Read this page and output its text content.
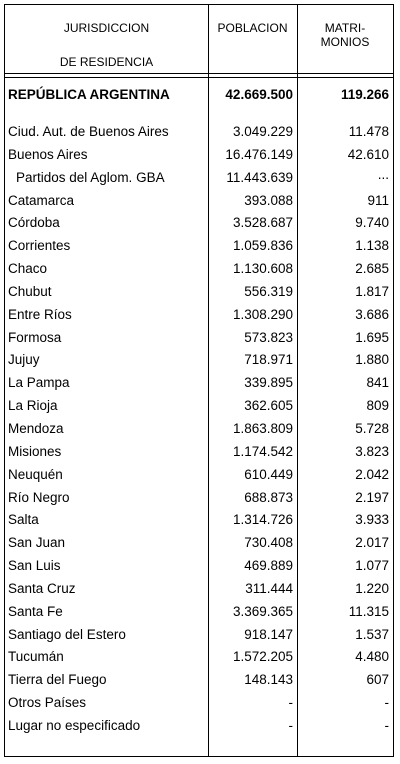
JURISDICCION
DE RESIDENCIA
POBLACION	MATRI-
MONIOS
REPÚBLICA ARGENTINA	42.669.500	119.266
Ciud. Aut. de Buenos Aires	3.049.229	11.478
Buenos Aires	16.476.149	42.610
Partidos del Aglom. GBA	11.443.639	...
Catamarca	393.088	911
Córdoba	3.528.687	9.740
Corrientes	1.059.836	1.138
Chaco	1.130.608	2.685
Chubut	556.319	1.817
Entre Ríos	1.308.290	3.686
Formosa	573.823	1.695
Jujuy	718.971	1.880
La Pampa	339.895	841
La Rioja	362.605	809
Mendoza	1.863.809	5.728
Misiones	1.174.542	3.823
Neuquén	610.449	2.042
Río Negro	688.873	2.197
Salta	1.314.726	3.933
San Juan	730.408	2.017
San Luis	469.889	1.077
Santa Cruz	311.444	1.220
Santa Fe	3.369.365	11.315
Santiago del Estero	918.147	1.537
Tucumán	1.572.205	4.480
Tierra del Fuego	148.143	607
Otros Países	-	-
Lugar no especificado	-	-
